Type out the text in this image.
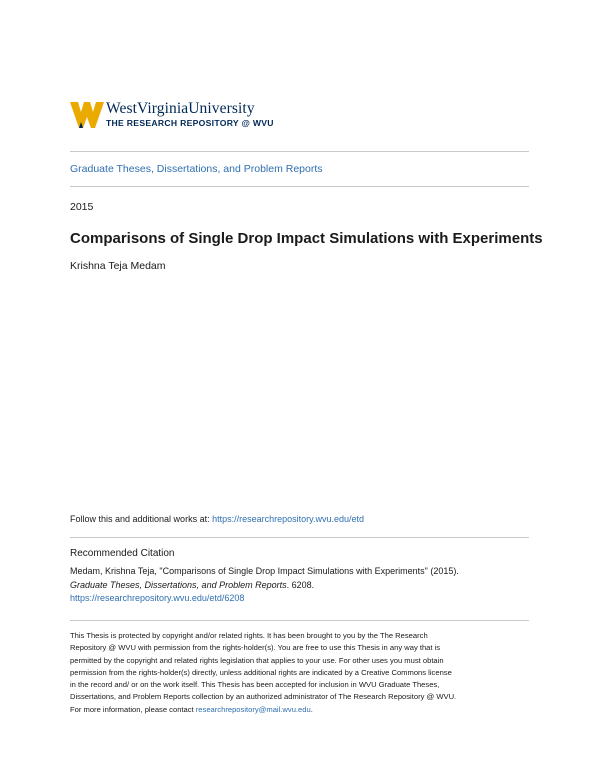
WestVirginiaUniversity
THE RESEARCH REPOSITORY @ WVU
Graduate Theses, Dissertations, and Problem Reports
2015
Comparisons of Single Drop Impact Simulations with Experiments
Krishna Teja Medam
Follow this and additional works at: https://researchrepository.wvu.edu/etd
Recommended Citation
Medam, Krishna Teja, "Comparisons of Single Drop Impact Simulations with Experiments" (2015).
Graduate Theses, Dissertations, and Problem Reports. 6208.
https://researchrepository.wvu.edu/etd/6208
This Thesis is protected by copyright and/or related rights. It has been brought to you by the The Research
Repository @ WVU with permission from the rights-holder(s). You are free to use this Thesis in any way that is
permitted by the copyright and related rights legislation that applies to your use. For other uses you must obtain
permission from the rights-holder(s) directly, unless additional rights are indicated by a Creative Commons license
in the record and/ or on the work itself. This Thesis has been accepted for inclusion in WVU Graduate Theses,
Dissertations, and Problem Reports collection by an authorized administrator of The Research Repository @ WVU.
For more information, please contact researchrepository@mail.wvu.edu.
